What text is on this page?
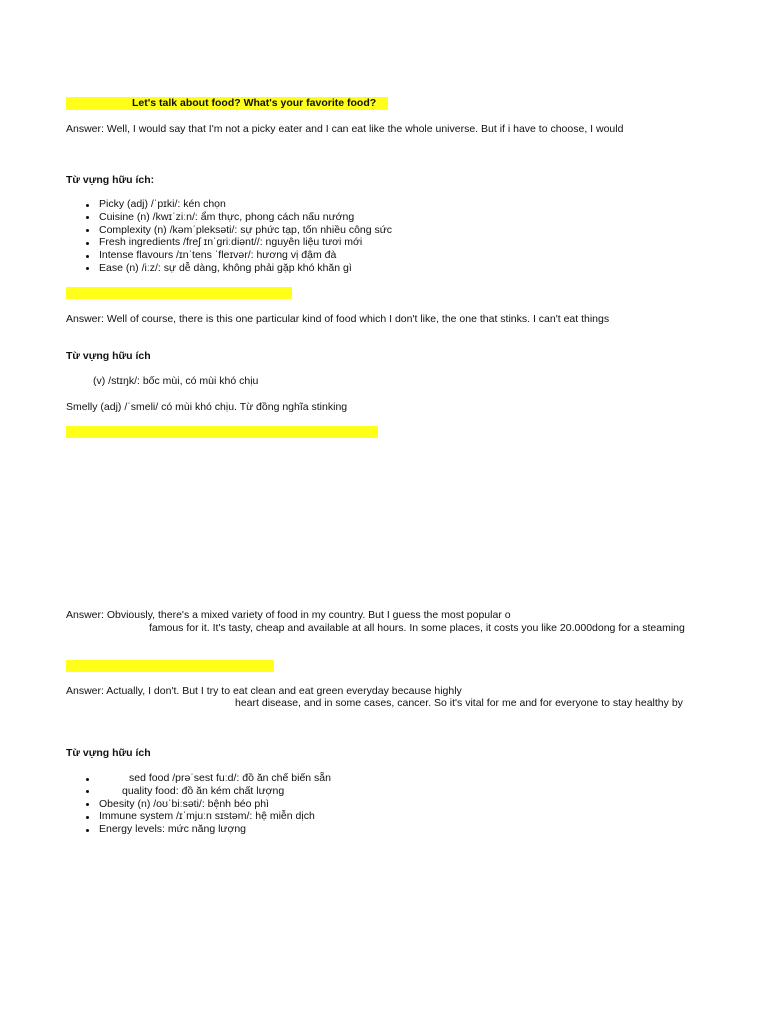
Let's talk about food? What's your favorite food?
Answer: Well, I would say that I'm not a picky eater and I can eat like the whole universe. But if i have to choose, I would
Từ vựng hữu ích:
Picky (adj) /ˈpɪki/: kén chọn
Cuisine (n) /kwɪˈziːn/: ẩm thực, phong cách nấu nướng
Complexity (n) /kəmˈpleksəti/: sự phức tạp, tốn nhiều công sức
Fresh ingredients /freʃ ɪnˈɡriːdiənt//: nguyên liệu tươi mới
Intense flavours /ɪnˈtens ˈfleɪvər/: hương vị đậm đà
Ease (n) /iːz/: sự dễ dàng, không phải gặp khó khăn gì
Answer: Well of course, there is this one particular kind of food which I don't like, the one that stinks. I can't eat things
Từ vựng hữu ích
(v) /stɪŋk/: bốc mùi, có mùi khó chịu
Smelly (adj) /ˈsmeli/ có mùi khó chịu. Từ đồng nghĩa stinking
Answer: Obviously, there's a mixed variety of food in my country. But I guess the most popular o
famous for it. It's tasty, cheap and available at all hours. In some places, it costs you like 20.000dong for a steaming
Answer: Actually, I don't. But I try to eat clean and eat green everyday because highly
heart disease, and in some cases, cancer. So it's vital for me and for everyone to stay healthy by
Từ vựng hữu ích
sed food /prəˈsest fuːd/: đồ ăn chế biến sẵn
quality food: đồ ăn kém chất lượng
Obesity (n) /oʊˈbiːsəti/: bệnh béo phì
Immune system /ɪˈmjuːn sɪstəm/: hệ miễn dịch
Energy levels: mức năng lượng
